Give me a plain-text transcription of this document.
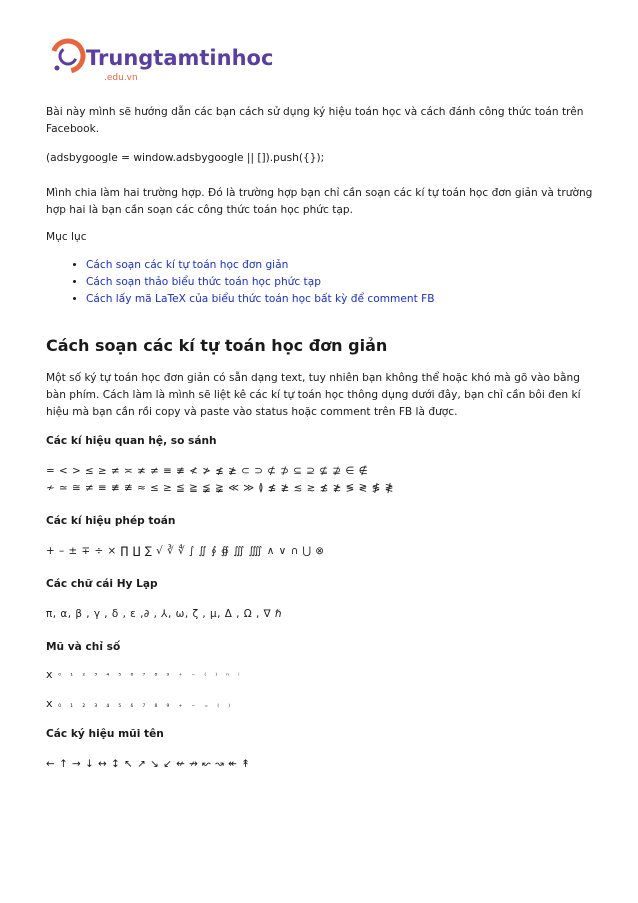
Trungtamtinhoc
.edu.vn

Bài này mình sẽ hướng dẫn các bạn cách sử dụng ký hiệu toán học và cách đánh công thức toán trên Facebook.

(adsbygoogle = window.adsbygoogle || []).push({});

Mình chia làm hai trường hợp. Đó là trường hợp bạn chỉ cần soạn các kí tự toán học đơn giản và trường hợp hai là bạn cần soạn các công thức toán học phức tạp.

Mục lục

• Cách soạn các kí tự toán học đơn giản
• Cách soạn thảo biểu thức toán học phức tạp
• Cách lấy mã LaTeX của biểu thức toán học bất kỳ để comment FB
Cách soạn các kí tự toán học đơn giản

Một số ký tự toán học đơn giản có sẵn dạng text, tuy nhiên bạn không thể hoặc khó mà gõ vào bằng bàn phím. Cách làm là mình sẽ liệt kê các kí tự toán học thông dụng dưới đây, bạn chỉ cần bôi đen kí hiệu mà bạn cần rồi copy và paste vào status hoặc comment trên FB là được.

Các kí hiệu quan hệ, so sánh
= < > ≤ ≥ ≠ ≍ ≭ ≠ ≡ ≢ ≮ ≯ ≰ ≱ ⊂ ⊃ ⊄ ⊅ ⊆ ⊇ ⊈ ⊉ ∈ ∉
≁ ≃ ≅ ≠ ≡ ≢ ≇ ≈ ≤ ≥ ≦ ≧ ≨ ≩ ≪ ≫ ≬ ≰ ≱ ≲ ≳ ≴ ≵ ≶ ≷ ≸ ≹
Các kí hiệu phép toán
+ – ± ∓ ÷ × ∏ ∐ ∑ √ ∛ ∜ ∫ ∬ ∮ ∯ ∭ ⨌ ∧ ∨ ∩ ⋃ ⊗
Các chữ cái Hy Lạp
π, α, β , γ , δ , ε ,∂ , ⅄, ω, ζ , μ, Δ , Ω , ∇ ℏ
Mũ và chỉ số
x ⁰ ¹ ² ³ ⁴ ⁵ ⁶ ⁷ ⁸ ⁹ ⁺ ⁻ ⁽ ⁾ ⁿ ⁱ
x ₀ ₁ ₂ ₃ ₄ ₅ ₆ ₇ ₈ ₉ ₊ ₋ ₌ ₍ ₎
Các ký hiệu mũi tên
← ↑ → ↓ ↔ ↕ ↖ ↗ ↘ ↙ ↚ ↛ ↜ ↝ ↞ ↟
